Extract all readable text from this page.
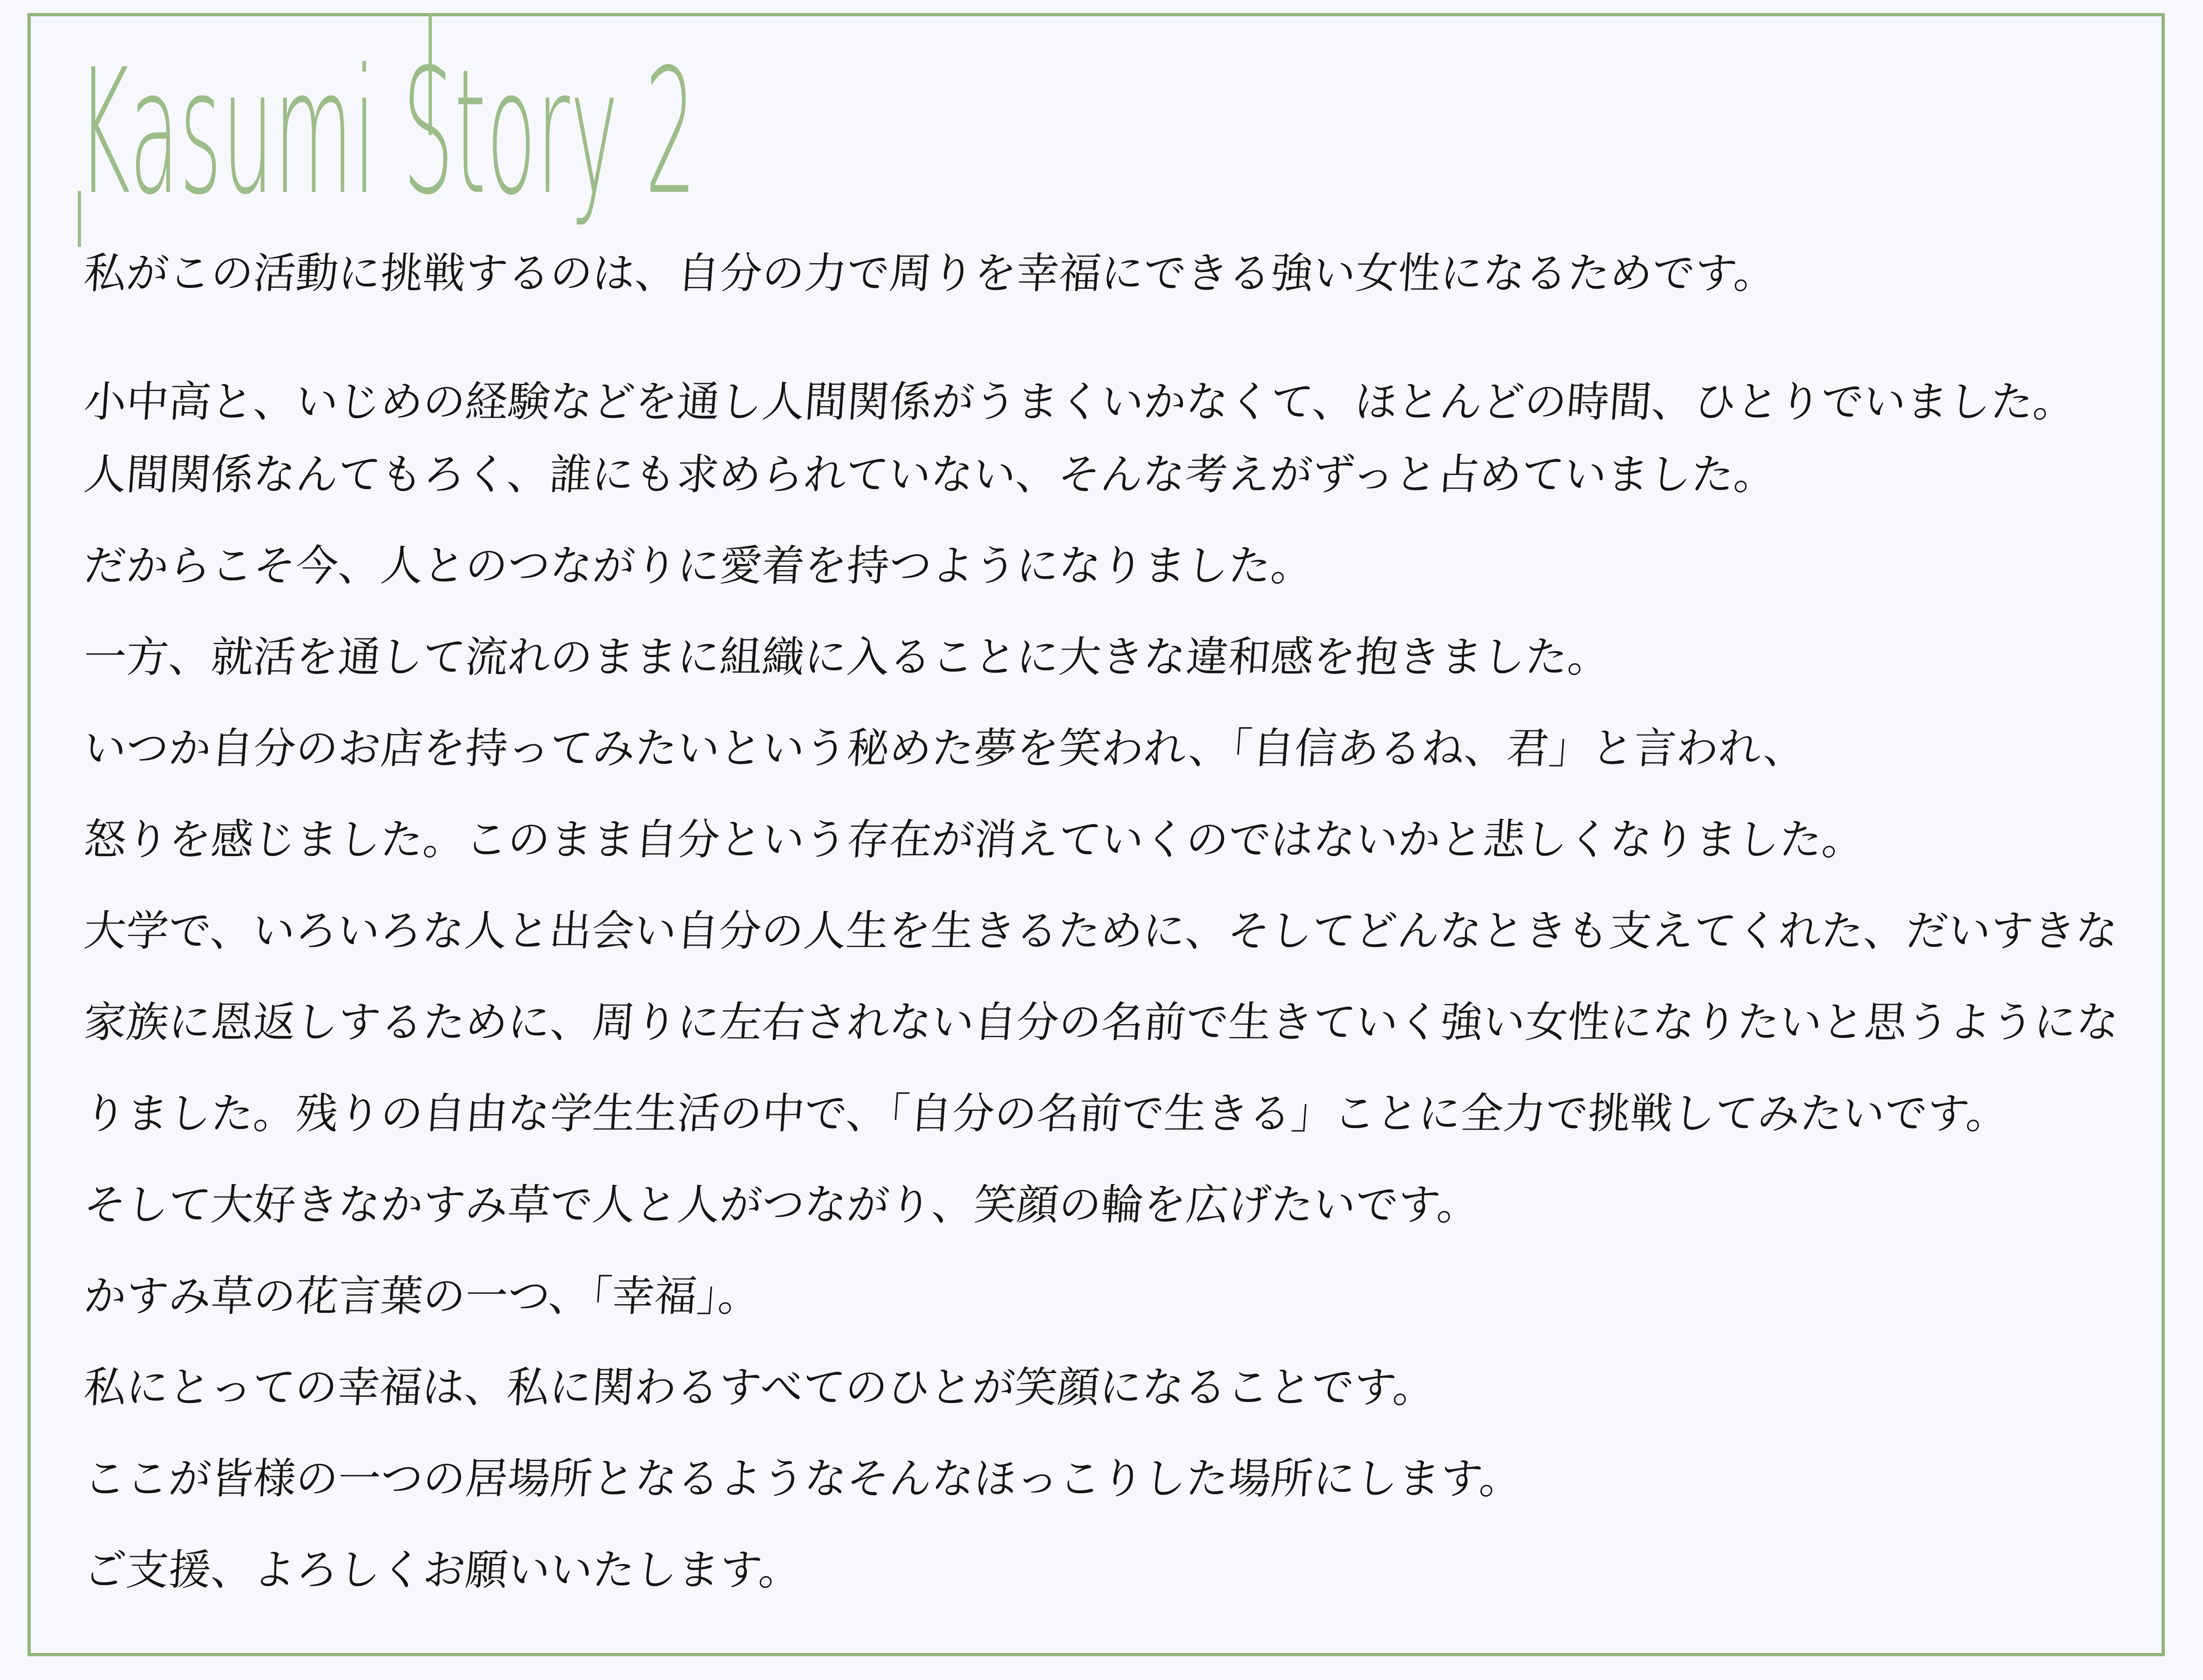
Kasumi Story 2
私がこの活動に挑戦するのは、自分の力で周りを幸福にできる強い女性になるためです。
小中高と、いじめの経験などを通し人間関係がうまくいかなくて、ほとんどの時間、ひとりでいました。
人間関係なんてもろく、誰にも求められていない、そんな考えがずっと占めていました。
だからこそ今、人とのつながりに愛着を持つようになりました。
一方、就活を通して流れのままに組織に入ることに大きな違和感を抱きました。
いつか自分のお店を持ってみたいという秘めた夢を笑われ、「自信あるね、君」と言われ、
怒りを感じました。このまま自分という存在が消えていくのではないかと悲しくなりました。
大学で、いろいろな人と出会い自分の人生を生きるために、そしてどんなときも支えてくれた、だいすきな
家族に恩返しするために、周りに左右されない自分の名前で生きていく強い女性になりたいと思うようにな
りました。残りの自由な学生生活の中で、「自分の名前で生きる」ことに全力で挑戦してみたいです。
そして大好きなかすみ草で人と人がつながり、笑顔の輪を広げたいです。
かすみ草の花言葉の一つ、「幸福」。
私にとっての幸福は、私に関わるすべてのひとが笑顔になることです。
ここが皆様の一つの居場所となるようなそんなほっこりした場所にします。
ご支援、よろしくお願いいたします。
